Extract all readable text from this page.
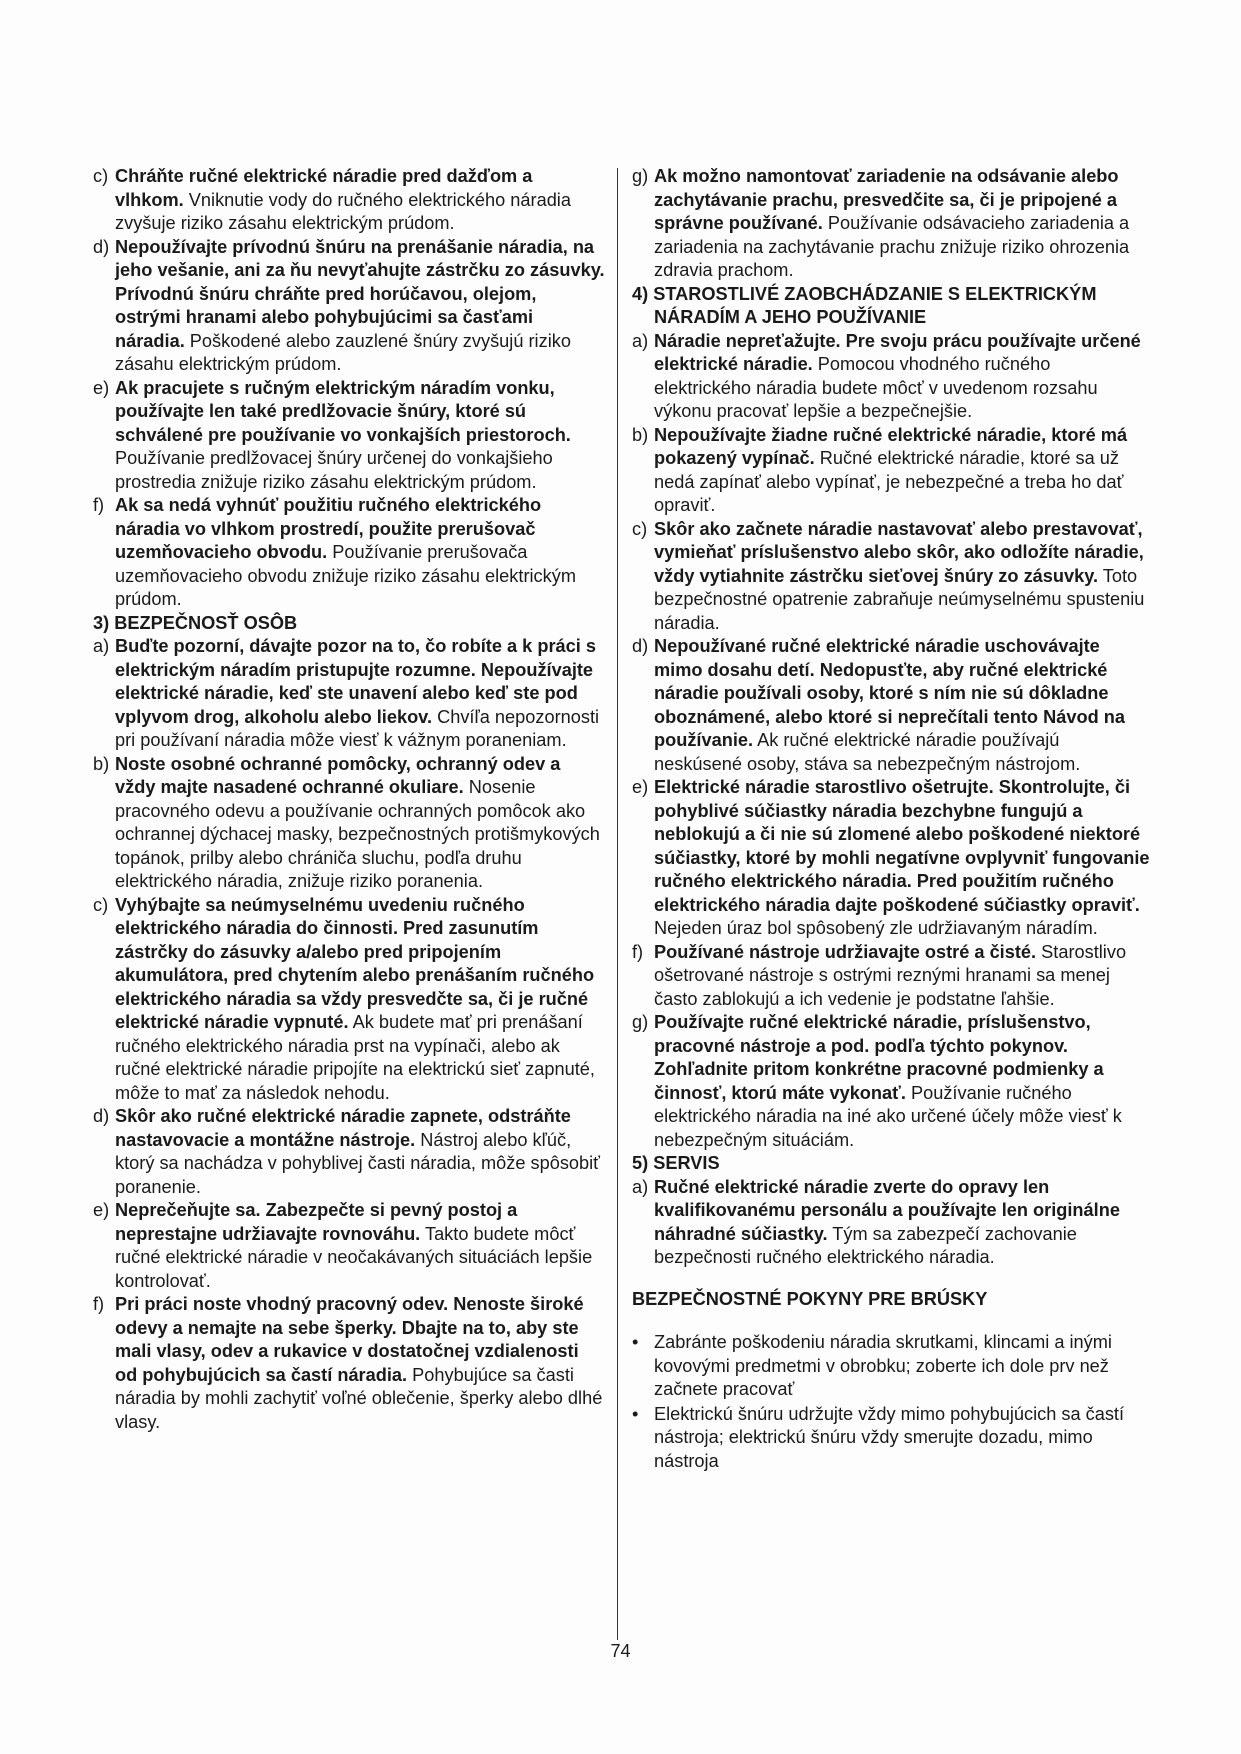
c) Chráňte ručné elektrické náradie pred dažďom a vlhkom. Vniknutie vody do ručného elektrického náradia zvyšuje riziko zásahu elektrickým prúdom.

d) Nepoužívajte prívodnú šnúru na prenášanie náradia, na jeho vešanie, ani za ňu nevyťahujte zástrčku zo zásuvky. Prívodnú šnúru chráňte pred horúčavou, olejom, ostrými hranami alebo pohybujúcimi sa časťami náradia. Poškodené alebo zauzlené šnúry zvyšujú riziko zásahu elektrickým prúdom.

e) Ak pracujete s ručným elektrickým náradím vonku, používajte len také predlžovacie šnúry, ktoré sú schválené pre používanie vo vonkajších priestoroch. Používanie predlžovacej šnúry určenej do vonkajšieho prostredia znižuje riziko zásahu elektrickým prúdom.

f) Ak sa nedá vyhnúť použitiu ručného elektrického náradia vo vlhkom prostredí, použite prerušovač uzemňovacieho obvodu. Používanie prerušovača uzemňovacieho obvodu znižuje riziko zásahu elektrickým prúdom.

3) BEZPEČNOSŤ OSÔB

a) Buďte pozorní, dávajte pozor na to, čo robíte a k práci s elektrickým náradím pristupujte rozumne. Nepoužívajte elektrické náradie, keď ste unavení alebo keď ste pod vplyvom drog, alkoholu alebo liekov. Chvíľa nepozornosti pri používaní náradia môže viesť k vážnym poraneniam.

b) Noste osobné ochranné pomôcky, ochranný odev a vždy majte nasadené ochranné okuliare. Nosenie pracovného odevu a používanie ochranných pomôcok ako ochrannej dýchacej masky, bezpečnostných protišmykových topánok, prilby alebo chrániča sluchu, podľa druhu elektrického náradia, znižuje riziko poranenia.

c) Vyhýbajte sa neúmyselnému uvedeniu ručného elektrického náradia do činnosti. Pred zasunutím zástrčky do zásuvky a/alebo pred pripojením akumulátora, pred chytením alebo prenášaním ručného elektrického náradia sa vždy presvedčte sa, či je ručné elektrické náradie vypnuté. Ak budete mať pri prenášaní ručného elektrického náradia prst na vypínači, alebo ak ručné elektrické náradie pripojíte na elektrickú sieť zapnuté, môže to mať za následok nehodu.

d) Skôr ako ručné elektrické náradie zapnete, odstráňte nastavovacie a montážne nástroje. Nástroj alebo kľúč, ktorý sa nachádza v pohyblivej časti náradia, môže spôsobiť poranenie.

e) Neprečeňujte sa. Zabezpečte si pevný postoj a neprestajne udržiavajte rovnováhu. Takto budete môcť ručné elektrické náradie v neočakávaných situáciách lepšie kontrolovať.

f) Pri práci noste vhodný pracovný odev. Nenoste široké odevy a nemajte na sebe šperky. Dbajte na to, aby ste mali vlasy, odev a rukavice v dostatočnej vzdialenosti od pohybujúcich sa častí náradia. Pohybujúce sa časti náradia by mohli zachytiť voľné oblečenie, šperky alebo dlhé vlasy.

g) Ak možno namontovať zariadenie na odsávanie alebo zachytávanie prachu, presvedčite sa, či je pripojené a správne používané. Používanie odsávacieho zariadenia a zariadenia na zachytávanie prachu znižuje riziko ohrozenia zdravia prachom.

4) STAROSTLIVÉ ZAOBCHÁDZANIE S ELEKTRICKÝM
NÁRADÍM A JEHO POUŽÍVANIE

a) Náradie nepreťažujte. Pre svoju prácu používajte určené elektrické náradie. Pomocou vhodného ručného elektrického náradia budete môcť v uvedenom rozsahu výkonu pracovať lepšie a bezpečnejšie.

b) Nepoužívajte žiadne ručné elektrické náradie, ktoré má pokazený vypínač. Ručné elektrické náradie, ktoré sa už nedá zapínať alebo vypínať, je nebezpečné a treba ho dať opraviť.

c) Skôr ako začnete náradie nastavovať alebo prestavovať, vymieňať príslušenstvo alebo skôr, ako odložíte náradie, vždy vytiahnite zástrčku sieťovej šnúry zo zásuvky. Toto bezpečnostné opatrenie zabraňuje neúmyselnému spusteniu náradia.

d) Nepoužívané ručné elektrické náradie uschovávajte mimo dosahu detí. Nedopusťte, aby ručné elektrické náradie používali osoby, ktoré s ním nie sú dôkladne oboznámené, alebo ktoré si neprečítali tento Návod na používanie. Ak ručné elektrické náradie používajú neskúsené osoby, stáva sa nebezpečným nástrojom.

e) Elektrické náradie starostlivo ošetrujte. Skontrolujte, či pohyblivé súčiastky náradia bezchybne fungujú a neblokujú a či nie sú zlomené alebo poškodené niektoré súčiastky, ktoré by mohli negatívne ovplyvniť fungovanie ručného elektrického náradia. Pred použitím ručného elektrického náradia dajte poškodené súčiastky opraviť. Nejeden úraz bol spôsobený zle udržiavaným náradím.

f) Používané nástroje udržiavajte ostré a čisté. Starostlivo ošetrované nástroje s ostrými reznými hranami sa menej často zablokujú a ich vedenie je podstatne ľahšie.

g) Používajte ručné elektrické náradie, príslušenstvo, pracovné nástroje a pod. podľa týchto pokynov. Zohľadnite pritom konkrétne pracovné podmienky a činnosť, ktorú máte vykonať. Používanie ručného elektrického náradia na iné ako určené účely môže viesť k nebezpečným situáciám.

5) SERVIS

a) Ručné elektrické náradie zverte do opravy len kvalifikovanému personálu a používajte len originálne náhradné súčiastky. Tým sa zabezpečí zachovanie bezpečnosti ručného elektrického náradia.

BEZPEČNOSTNÉ POKYNY PRE BRÚSKY

• Zabránte poškodeniu náradia skrutkami, klincami a inými kovovými predmetmi v obrobku; zoberte ich dole prv než začnete pracovať

• Elektrickú šnúru udržujte vždy mimo pohybujúcich sa častí nástroja; elektrickú šnúru vždy smerujte dozadu, mimo nástroja

74
